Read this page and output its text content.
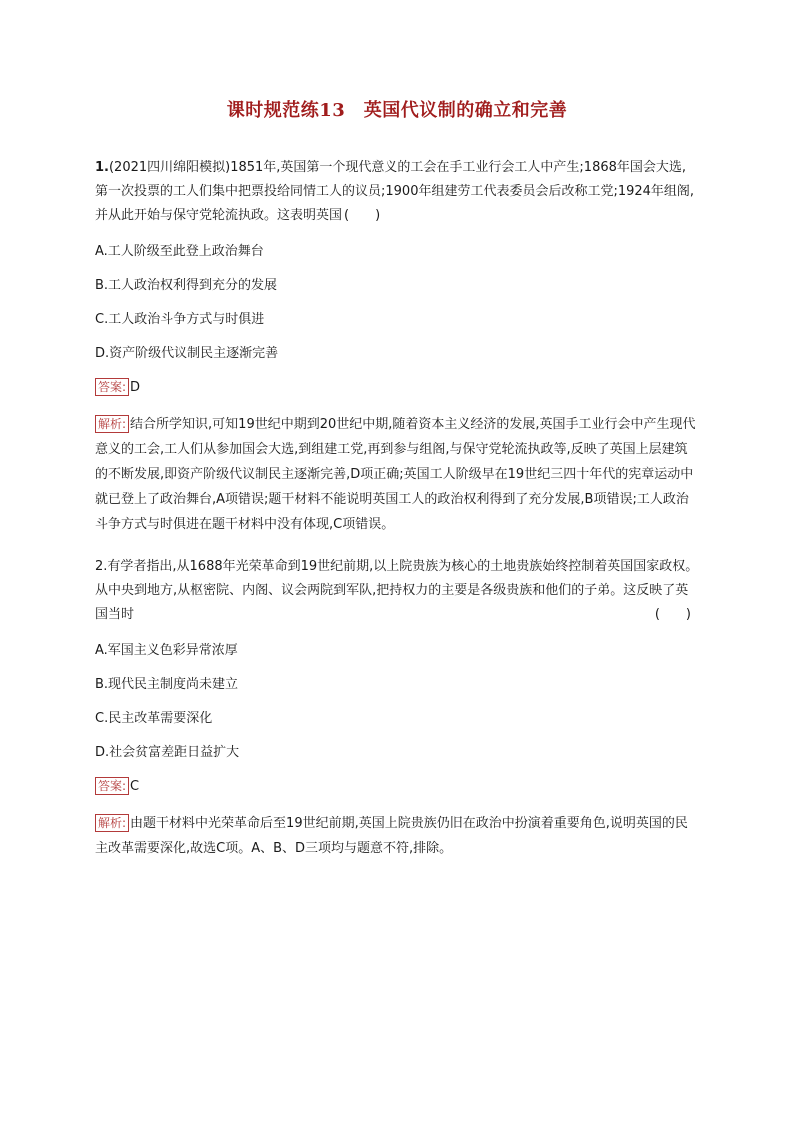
课时规范练13　英国代议制的确立和完善

1.(2021四川绵阳模拟)1851年,英国第一个现代意义的工会在手工业行会工人中产生;1868年国会大选,第一次投票的工人们集中把票投给同情工人的议员;1900年组建劳工代表委员会后改称工党;1924年组阁,并从此开始与保守党轮流执政。这表明英国 (　　)

A.工人阶级至此登上政治舞台

B.工人政治权利得到充分的发展

C.工人政治斗争方式与时俱进

D.资产阶级代议制民主逐渐完善

答案: D

解析: 结合所学知识,可知19世纪中期到20世纪中期,随着资本主义经济的发展,英国手工业行会中产生现代意义的工会,工人们从参加国会大选,到组建工党,再到参与组阁,与保守党轮流执政等,反映了英国上层建筑的不断发展,即资产阶级代议制民主逐渐完善,D项正确;英国工人阶级早在19世纪三四十年代的宪章运动中就已登上了政治舞台,A项错误;题干材料不能说明英国工人的政治权利得到了充分发展,B项错误;工人政治斗争方式与时俱进在题干材料中没有体现,C项错误。

2.有学者指出,从1688年光荣革命到19世纪前期,以上院贵族为核心的土地贵族始终控制着英国国家政权。从中央到地方,从枢密院、内阁、议会两院到军队,把持权力的主要是各级贵族和他们的子弟。这反映了英国当时	(　　)

A.军国主义色彩异常浓厚

B.现代民主制度尚未建立

C.民主改革需要深化

D.社会贫富差距日益扩大

答案: C

解析: 由题干材料中光荣革命后至19世纪前期,英国上院贵族仍旧在政治中扮演着重要角色,说明英国的民主改革需要深化,故选C项。A、B、D三项均与题意不符,排除。
